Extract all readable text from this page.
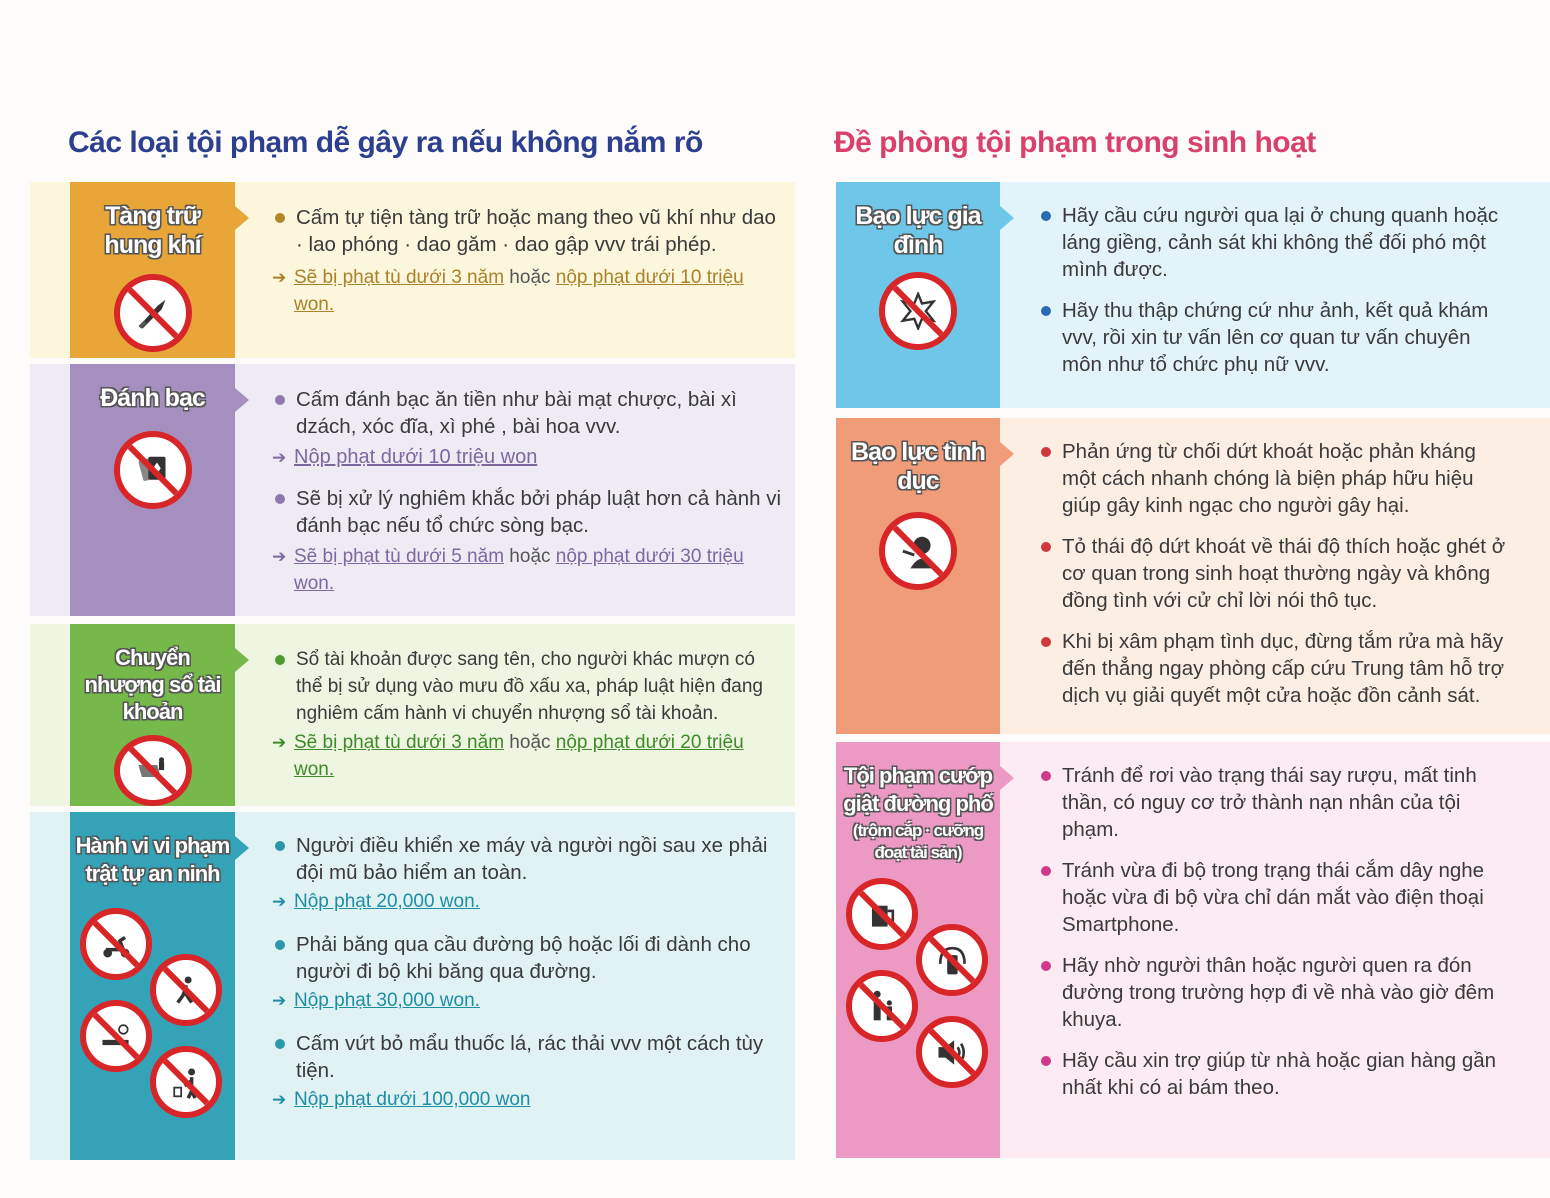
Các loại tội phạm dễ gây ra nếu không nắm rõ	Đề phòng tội phạm trong sinh hoạt
Tàng trữ hung khí
Cấm tự tiện tàng trữ hoặc mang theo vũ khí như dao · lao phóng · dao găm · dao gập vvv trái phép.
➔ Sẽ bị phạt tù dưới 3 năm hoặc nộp phạt dưới 10 triệu won.
Đánh bạc	Cấm đánh bạc ăn tiền như bài mạt chược, bài xì dzách, xóc đĩa, xì phé , bài hoa vvv.
➔ Nộp phạt dưới 10 triệu won
Sẽ bị xử lý nghiêm khắc bởi pháp luật hơn cả hành vi đánh bạc nếu tổ chức sòng bạc.
➔ Sẽ bị phạt tù dưới 5 năm hoặc nộp phạt dưới 30 triệu won.
Chuyển nhượng sổ tài khoản
Sổ tài khoản được sang tên, cho người khác mượn có thể bị sử dụng vào mưu đồ xấu xa, pháp luật hiện đang nghiêm cấm hành vi chuyển nhượng sổ tài khoản.
➔ Sẽ bị phạt tù dưới 3 năm hoặc nộp phạt dưới 20 triệu won.
Hành vi vi phạm trật tự an ninh
Người điều khiển xe máy và người ngồi sau xe phải đội mũ bảo hiểm an toàn.
➔ Nộp phạt 20,000 won.
Phải băng qua cầu đường bộ hoặc lối đi dành cho người đi bộ khi băng qua đường.
➔ Nộp phạt 30,000 won.
Cấm vứt bỏ mẩu thuốc lá, rác thải vvv một cách tùy tiện.
➔ Nộp phạt dưới 100,000 won
Bạo lực gia đình
Hãy cầu cứu người qua lại ở chung quanh hoặc láng giềng, cảnh sát khi không thể đối phó một mình được.
Hãy thu thập chứng cứ như ảnh, kết quả khám vvv, rồi xin tư vấn lên cơ quan tư vấn chuyên môn như tổ chức phụ nữ vvv.
Bạo lực tình dục
Phản ứng từ chối dứt khoát hoặc phản kháng một cách nhanh chóng là biện pháp hữu hiệu giúp gây kinh ngạc cho người gây hại.
Tỏ thái độ dứt khoát về thái độ thích hoặc ghét ở cơ quan trong sinh hoạt thường ngày và không đồng tình với cử chỉ lời nói thô tục.
Khi bị xâm phạm tình dục, đừng tắm rửa mà hãy đến thẳng ngay phòng cấp cứu Trung tâm hỗ trợ dịch vụ giải quyết một cửa hoặc đồn cảnh sát.
Tội phạm cướp giật đường phố
(trộm cắp · cưỡng đoạt tài sản)
Tránh để rơi vào trạng thái say rượu, mất tinh thần, có nguy cơ trở thành nạn nhân của tội phạm.
Tránh vừa đi bộ trong trạng thái cắm dây nghe hoặc vừa đi bộ vừa chỉ dán mắt vào điện thoại Smartphone.
Hãy nhờ người thân hoặc người quen ra đón đường trong trường hợp đi về nhà vào giờ đêm khuya.
Hãy cầu xin trợ giúp từ nhà hoặc gian hàng gần nhất khi có ai bám theo.
